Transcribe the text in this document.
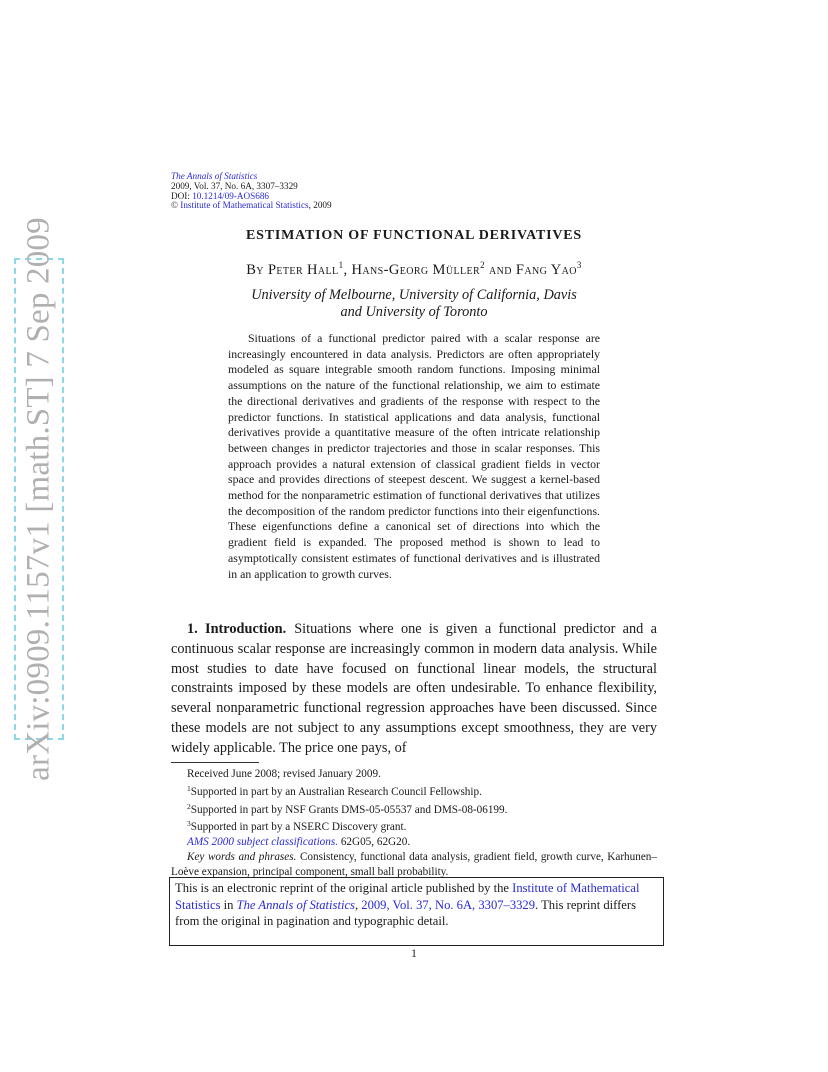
arXiv:0909.1157v1 [math.ST] 7 Sep 2009
The Annals of Statistics
2009, Vol. 37, No. 6A, 3307–3329
DOI: 10.1214/09-AOS686
© Institute of Mathematical Statistics, 2009
ESTIMATION OF FUNCTIONAL DERIVATIVES
By Peter Hall$^1$, Hans-Georg Müller$^2$ and Fang Yao$^3$
University of Melbourne, University of California, Davis
and University of Toronto
Situations of a functional predictor paired with a scalar response are increasingly encountered in data analysis. Predictors are often appropriately modeled as square integrable smooth random functions. Imposing minimal assumptions on the nature of the functional relationship, we aim to estimate the directional derivatives and gradients of the response with respect to the predictor functions. In statistical applications and data analysis, functional derivatives provide a quantitative measure of the often intricate relationship between changes in predictor trajectories and those in scalar responses. This approach provides a natural extension of classical gradient fields in vector space and provides directions of steepest descent. We suggest a kernel-based method for the nonparametric estimation of functional derivatives that utilizes the decomposition of the random predictor functions into their eigenfunctions. These eigenfunctions define a canonical set of directions into which the gradient field is expanded. The proposed method is shown to lead to asymptotically consistent estimates of functional derivatives and is illustrated in an application to growth curves.
1. Introduction. Situations where one is given a functional predictor and a continuous scalar response are increasingly common in modern data analysis. While most studies to date have focused on functional linear models, the structural constraints imposed by these models are often undesirable. To enhance flexibility, several nonparametric functional regression approaches have been discussed. Since these models are not subject to any assumptions except smoothness, they are very widely applicable. The price one pays, of
Received June 2008; revised January 2009.
$^1$Supported in part by an Australian Research Council Fellowship.
$^2$Supported in part by NSF Grants DMS-05-05537 and DMS-08-06199.
$^3$Supported in part by a NSERC Discovery grant.
AMS 2000 subject classifications. 62G05, 62G20.
Key words and phrases. Consistency, functional data analysis, gradient field, growth curve, Karhunen–Loève expansion, principal component, small ball probability.
This is an electronic reprint of the original article published by the Institute of Mathematical Statistics in The Annals of Statistics, 2009, Vol. 37, No. 6A, 3307–3329. This reprint differs from the original in pagination and typographic detail.
1
